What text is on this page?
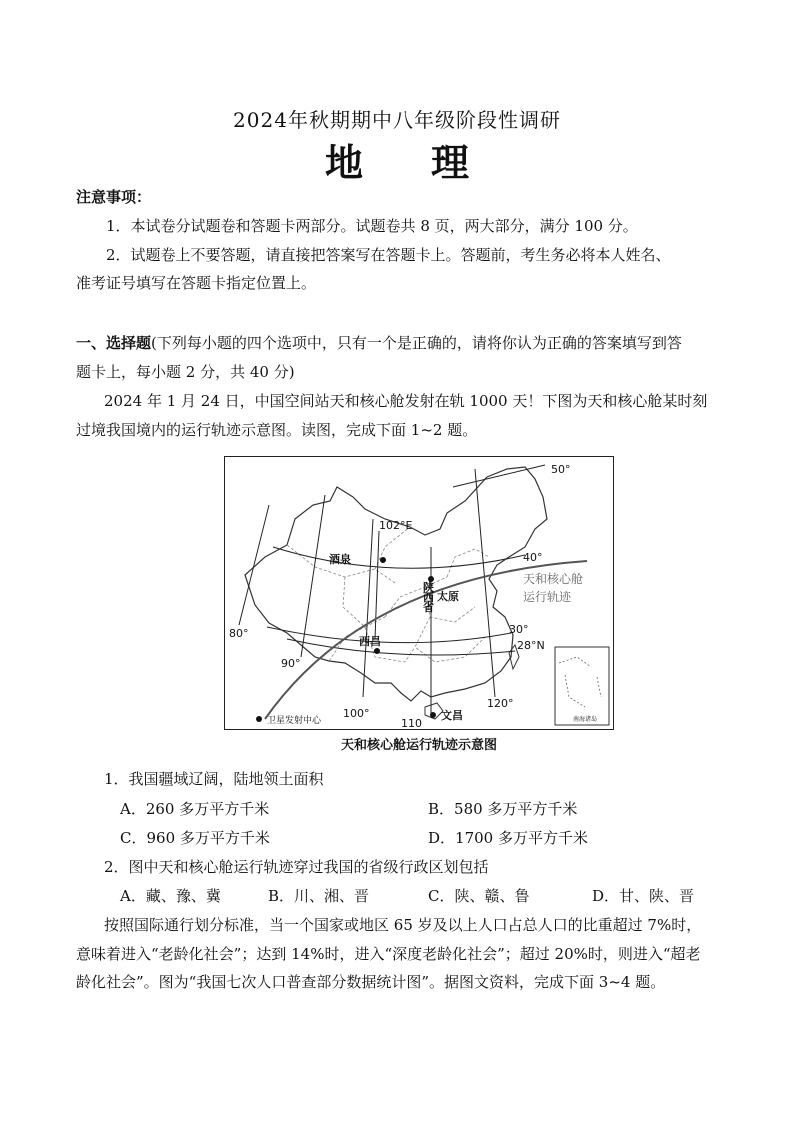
2024年秋期期中八年级阶段性调研
地理
注意事项：
1．本试卷分试题卷和答题卡两部分。试题卷共 8 页，两大部分，满分 100 分。
2．试题卷上不要答题，请直接把答案写在答题卡上。答题前，考生务必将本人姓名、
准考证号填写在答题卡指定位置上。
一、选择题(下列每小题的四个选项中，只有一个是正确的，请将你认为正确的答案填写到答
题卡上，每小题 2 分，共 40 分)
2024 年 1 月 24 日，中国空间站天和核心舱发射在轨 1000 天！下图为天和核心舱某时刻
过境我国境内的运行轨迹示意图。读图，完成下面 1~2 题。
50°
102°E
酒泉	40°
天和核心舱
运行轨迹
陕
西
省
太原
80°	30°
28°N
西昌
90°
100°
110
文昌
120°
卫星发射中心	南海诸岛
天和核心舱运行轨迹示意图
1．我国疆域辽阔，陆地领土面积
A．260 多万平方千米	B．580 多万平方千米
C．960 多万平方千米	D．1700 多万平方千米
2．图中天和核心舱运行轨迹穿过我国的省级行政区划包括
A．藏、豫、冀	B．川、湘、晋	C．陕、赣、鲁	D．甘、陕、晋
按照国际通行划分标准，当一个国家或地区 65 岁及以上人口占总人口的比重超过 7%时，
意味着进入“老龄化社会”；达到 14%时，进入“深度老龄化社会”；超过 20%时，则进入“超老
龄化社会”。图为“我国七次人口普查部分数据统计图”。据图文资料，完成下面 3~4 题。
